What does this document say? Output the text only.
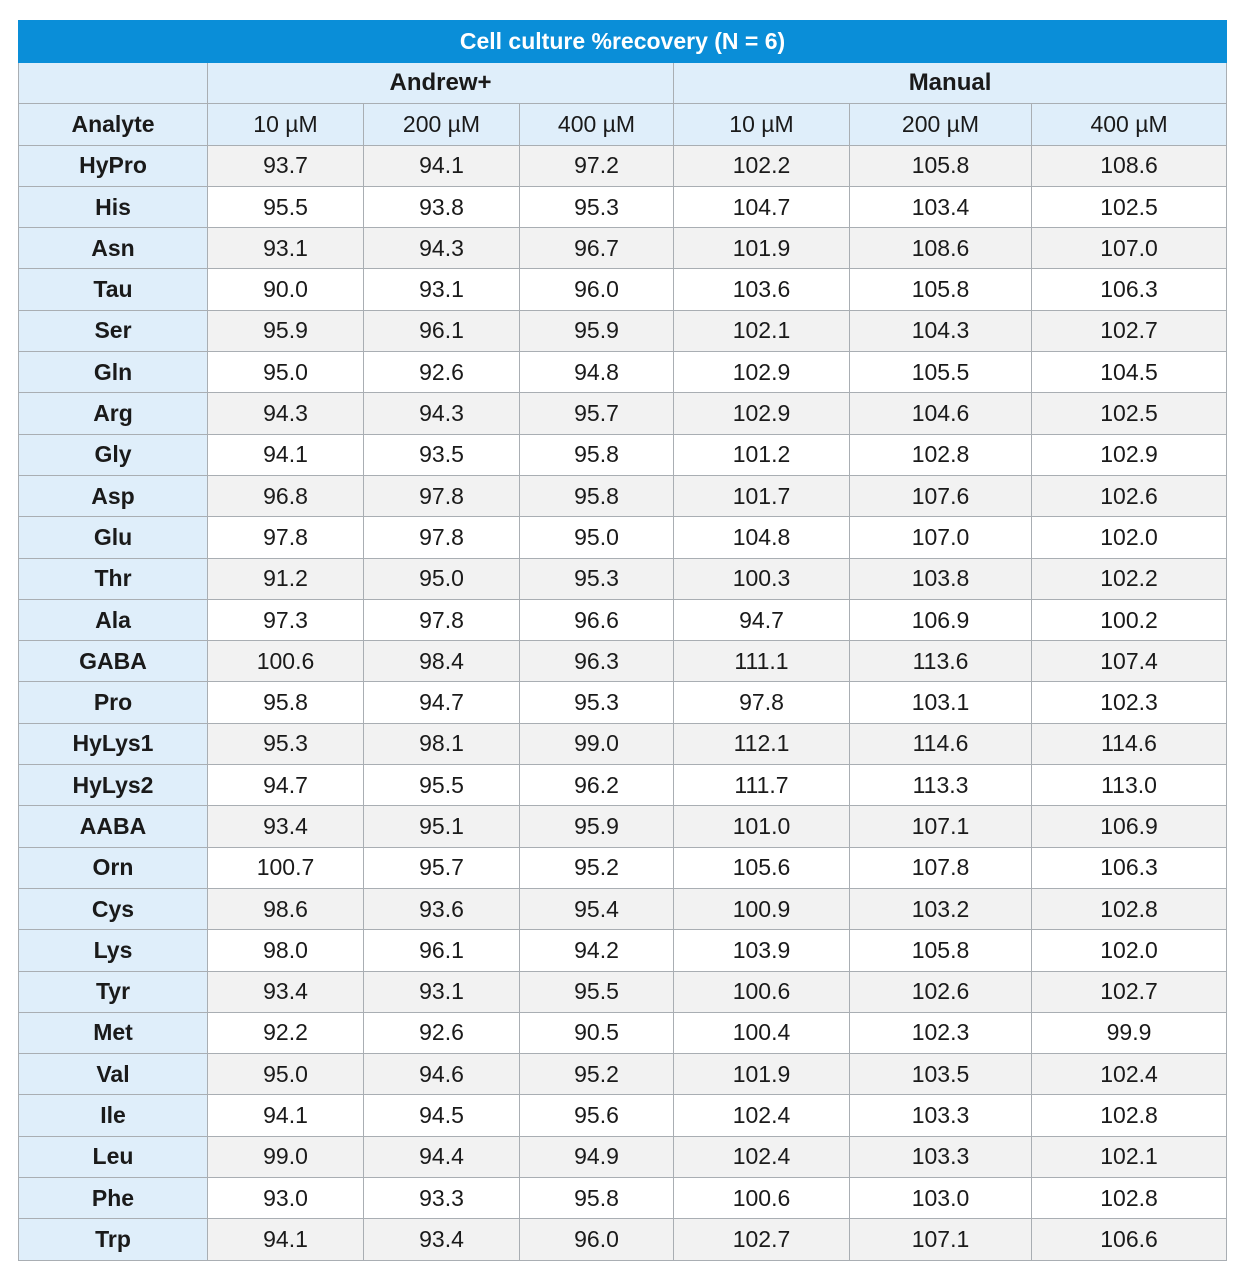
Cell culture %recovery (N = 6)						
	Andrew+			Manual		
Analyte	10 µM	200 µM	400 µM	10 µM	200 µM	400 µM
HyPro	93.7	94.1	97.2	102.2	105.8	108.6
His	95.5	93.8	95.3	104.7	103.4	102.5
Asn	93.1	94.3	96.7	101.9	108.6	107.0
Tau	90.0	93.1	96.0	103.6	105.8	106.3
Ser	95.9	96.1	95.9	102.1	104.3	102.7
Gln	95.0	92.6	94.8	102.9	105.5	104.5
Arg	94.3	94.3	95.7	102.9	104.6	102.5
Gly	94.1	93.5	95.8	101.2	102.8	102.9
Asp	96.8	97.8	95.8	101.7	107.6	102.6
Glu	97.8	97.8	95.0	104.8	107.0	102.0
Thr	91.2	95.0	95.3	100.3	103.8	102.2
Ala	97.3	97.8	96.6	94.7	106.9	100.2
GABA	100.6	98.4	96.3	111.1	113.6	107.4
Pro	95.8	94.7	95.3	97.8	103.1	102.3
HyLys1	95.3	98.1	99.0	112.1	114.6	114.6
HyLys2	94.7	95.5	96.2	111.7	113.3	113.0
AABA	93.4	95.1	95.9	101.0	107.1	106.9
Orn	100.7	95.7	95.2	105.6	107.8	106.3
Cys	98.6	93.6	95.4	100.9	103.2	102.8
Lys	98.0	96.1	94.2	103.9	105.8	102.0
Tyr	93.4	93.1	95.5	100.6	102.6	102.7
Met	92.2	92.6	90.5	100.4	102.3	99.9
Val	95.0	94.6	95.2	101.9	103.5	102.4
Ile	94.1	94.5	95.6	102.4	103.3	102.8
Leu	99.0	94.4	94.9	102.4	103.3	102.1
Phe	93.0	93.3	95.8	100.6	103.0	102.8
Trp	94.1	93.4	96.0	102.7	107.1	106.6
